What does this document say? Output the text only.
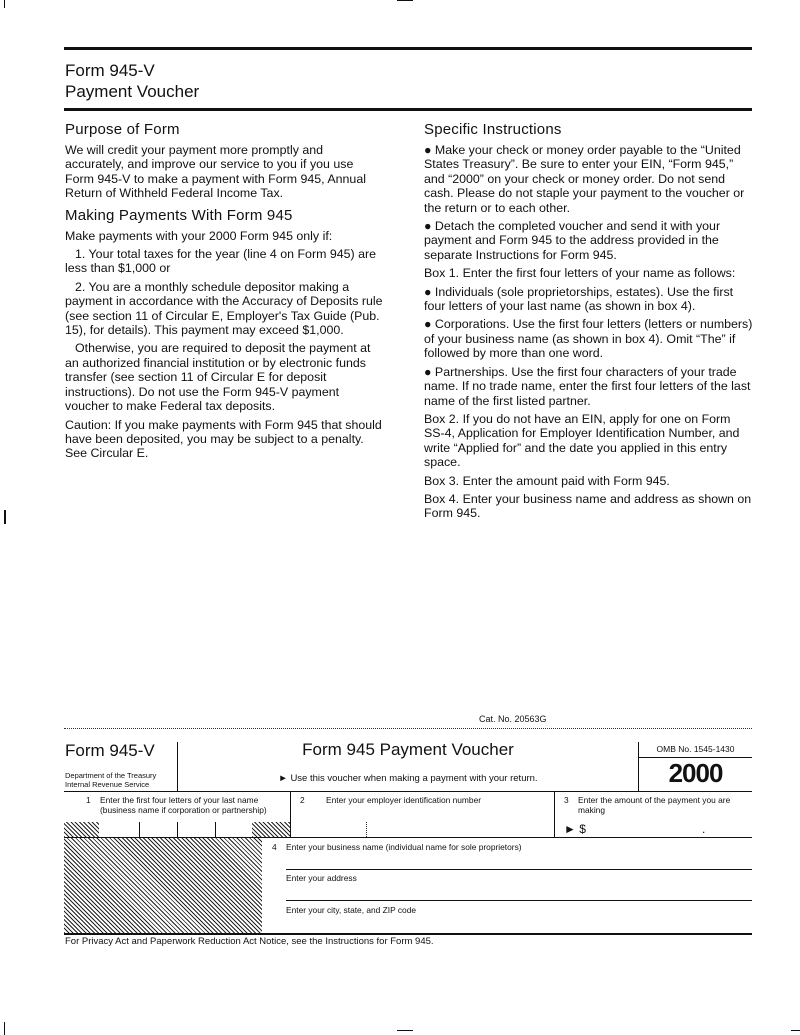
Form 945-V
Payment Voucher
Purpose of Form

We will credit your payment more promptly and accurately, and improve our service to you if you use Form 945-V to make a payment with Form 945, Annual Return of Withheld Federal Income Tax.

Making Payments With Form 945

Make payments with your 2000 Form 945 only if:

1. Your total taxes for the year (line 4 on Form 945) are less than $1,000 or

2. You are a monthly schedule depositor making a payment in accordance with the Accuracy of Deposits rule (see section 11 of Circular E, Employer's Tax Guide (Pub. 15), for details). This payment may exceed $1,000.

Otherwise, you are required to deposit the payment at an authorized financial institution or by electronic funds transfer (see section 11 of Circular E for deposit instructions). Do not use the Form 945-V payment voucher to make Federal tax deposits.

Caution: If you make payments with Form 945 that should have been deposited, you may be subject to a penalty. See Circular E.

Specific Instructions

● Make your check or money order payable to the “United States Treasury”. Be sure to enter your EIN, “Form 945,” and “2000” on your check or money order. Do not send cash. Please do not staple your payment to the voucher or the return or to each other.

● Detach the completed voucher and send it with your payment and Form 945 to the address provided in the separate Instructions for Form 945.

Box 1. Enter the first four letters of your name as follows:

● Individuals (sole proprietorships, estates). Use the first four letters of your last name (as shown in box 4).

● Corporations. Use the first four letters (letters or numbers) of your business name (as shown in box 4). Omit “The” if followed by more than one word.

● Partnerships. Use the first four characters of your trade name. If no trade name, enter the first four letters of the last name of the first listed partner.

Box 2. If you do not have an EIN, apply for one on Form SS-4, Application for Employer Identification Number, and write “Applied for” and the date you applied in this entry space.

Box 3. Enter the amount paid with Form 945.

Box 4. Enter your business name and address as shown on Form 945.

Cat. No. 20563G
Form 945-V
Department of the Treasury
Internal Revenue Service
Form 945 Payment Voucher
► Use this voucher when making a payment with your return.
OMB No. 1545-1430
2000
1 Enter the first four letters of your last name (business name if corporation or partnership)
2	Enter your employer identification number	3 Enter the amount of the payment you are making
► $	.
4 Enter your business name (individual name for sole proprietors)
Enter your address
Enter your city, state, and ZIP code
For Privacy Act and Paperwork Reduction Act Notice, see the Instructions for Form 945.
